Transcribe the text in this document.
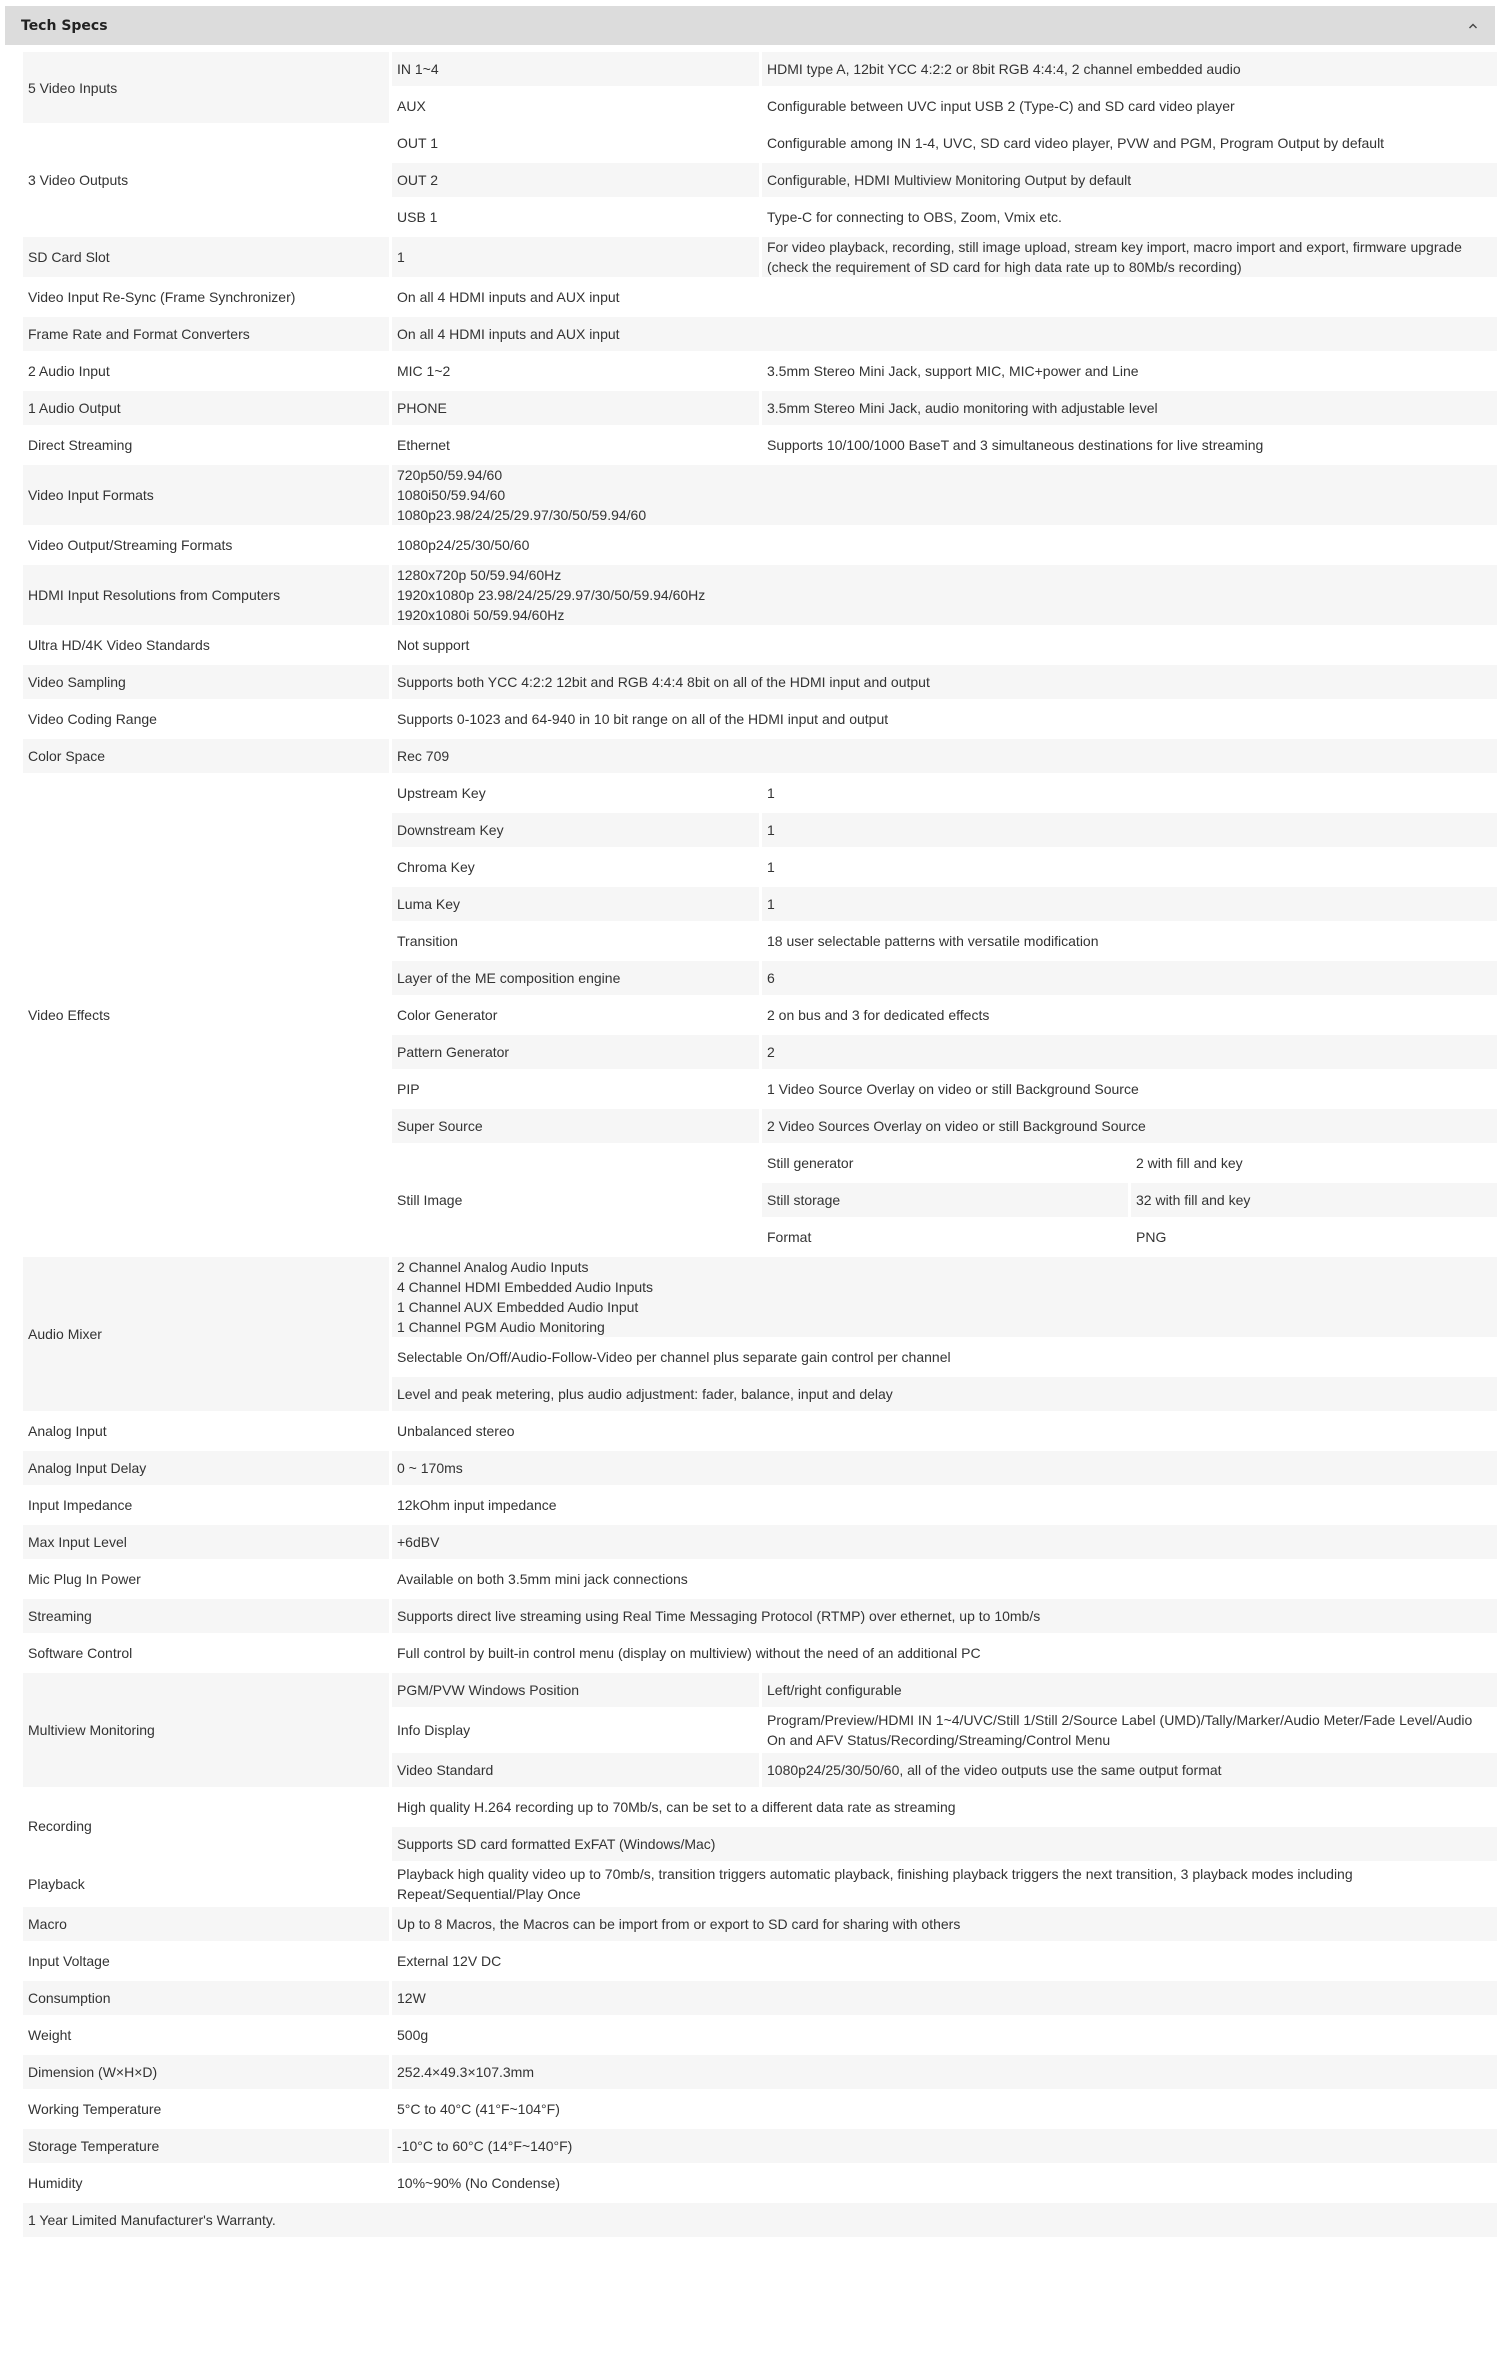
Tech Specs
5 Video Inputs	IN 1~4	HDMI type A, 12bit YCC 4:2:2 or 8bit RGB 4:4:4, 2 channel embedded audio	
	AUX	Configurable between UVC input USB 2 (Type-C) and SD card video player	
3 Video Outputs	OUT 1	Configurable among IN 1-4, UVC, SD card video player, PVW and PGM, Program Output by default	
	OUT 2	Configurable, HDMI Multiview Monitoring Output by default	
	USB 1	Type-C for connecting to OBS, Zoom, Vmix etc.	
SD Card Slot	1	For video playback, recording, still image upload, stream key import, macro import and export, firmware upgrade (check the requirement of SD card for high data rate up to 80Mb/s recording)	
Video Input Re-Sync (Frame Synchronizer)	On all 4 HDMI inputs and AUX input		
Frame Rate and Format Converters	On all 4 HDMI inputs and AUX input		
2 Audio Input	MIC 1~2	3.5mm Stereo Mini Jack, support MIC, MIC+power and Line	
1 Audio Output	PHONE	3.5mm Stereo Mini Jack, audio monitoring with adjustable level	
Direct Streaming	Ethernet	Supports 10/100/1000 BaseT and 3 simultaneous destinations for live streaming	
Video Input Formats	720p50/59.94/60
1080i50/59.94/60
1080p23.98/24/25/29.97/30/50/59.94/60		

Video Output/Streaming Formats	1080p24/25/30/50/60		
HDMI Input Resolutions from Computers	1280x720p 50/59.94/60Hz
1920x1080p 23.98/24/25/29.97/30/50/59.94/60Hz
1920x1080i 50/59.94/60Hz		

Ultra HD/4K Video Standards	Not support		
Video Sampling	Supports both YCC 4:2:2 12bit and RGB 4:4:4 8bit on all of the HDMI input and output		
Video Coding Range	Supports 0-1023 and 64-940 in 10 bit range on all of the HDMI input and output		
Color Space	Rec 709		
Video Effects	Upstream Key	1	
	Downstream Key	1	
	Chroma Key	1	
	Luma Key	1	
	Transition	18 user selectable patterns with versatile modification	
	Layer of the ME composition engine	6	
	Color Generator	2 on bus and 3 for dedicated effects	
	Pattern Generator	2	
	PIP	1 Video Source Overlay on video or still Background Source	
	Super Source	2 Video Sources Overlay on video or still Background Source	
	Still Image	Still generator	2 with fill and key
		Still storage	32 with fill and key
		Format	PNG
Audio Mixer	2 Channel Analog Audio Inputs
4 Channel HDMI Embedded Audio Inputs
1 Channel AUX Embedded Audio Input
1 Channel PGM Audio Monitoring		

	Selectable On/Off/Audio-Follow-Video per channel plus separate gain control per channel		
	Level and peak metering, plus audio adjustment: fader, balance, input and delay		
Analog Input	Unbalanced stereo		
Analog Input Delay	0 ~ 170ms		
Input Impedance	12kOhm input impedance		
Max Input Level	+6dBV		
Mic Plug In Power	Available on both 3.5mm mini jack connections		
Streaming	Supports direct live streaming using Real Time Messaging Protocol (RTMP) over ethernet, up to 10mb/s		
Software Control	Full control by built-in control menu (display on multiview) without the need of an additional PC		
Multiview Monitoring	PGM/PVW Windows Position	Left/right configurable	
	Info Display	Program/Preview/HDMI IN 1~4/UVC/Still 1/Still 2/Source Label (UMD)/Tally/Marker/Audio Meter/Fade Level/Audio On and AFV Status/Recording/Streaming/Control Menu	
	Video Standard	1080p24/25/30/50/60, all of the video outputs use the same output format	
Recording	High quality H.264 recording up to 70Mb/s, can be set to a different data rate as streaming		
	Supports SD card formatted ExFAT (Windows/Mac)		
Playback	Playback high quality video up to 70mb/s, transition triggers automatic playback, finishing playback triggers the next transition, 3 playback modes including Repeat/Sequential/Play Once		
Macro	Up to 8 Macros, the Macros can be import from or export to SD card for sharing with others		
Input Voltage	External 12V DC		
Consumption	12W		
Weight	500g		
Dimension (W×H×D)	252.4×49.3×107.3mm		
Working Temperature	5°C to 40°C (41°F~104°F)		
Storage Temperature	-10°C to 60°C (14°F~140°F)		
Humidity	10%~90% (No Condense)		
1 Year Limited Manufacturer's Warranty.			
